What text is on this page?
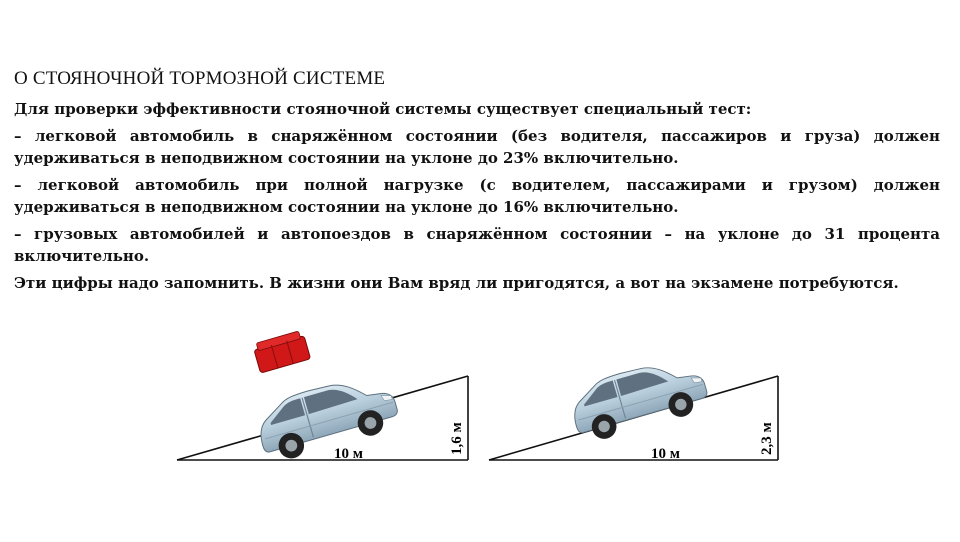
О СТОЯНОЧНОЙ ТОРМОЗНОЙ СИСТЕМЕ

Для проверки эффективности стояночной системы существует специальный тест:

– легковой автомобиль в снаряжённом состоянии (без водителя, пассажиров и груза) должен удерживаться в неподвижном состоянии на уклоне до 23% включительно.

– легковой автомобиль при полной нагрузке (с водителем, пассажирами и грузом) должен удерживаться в неподвижном состоянии на уклоне до 16% включительно.

– грузовых автомобилей и автопоездов в снаряжённом состоянии – на уклоне до 31 процента включительно.

Эти цифры надо запомнить. В жизни они Вам вряд ли пригодятся, а вот на экзамене потребуются.

10 м	1,6 м	10 м	2,3 м
